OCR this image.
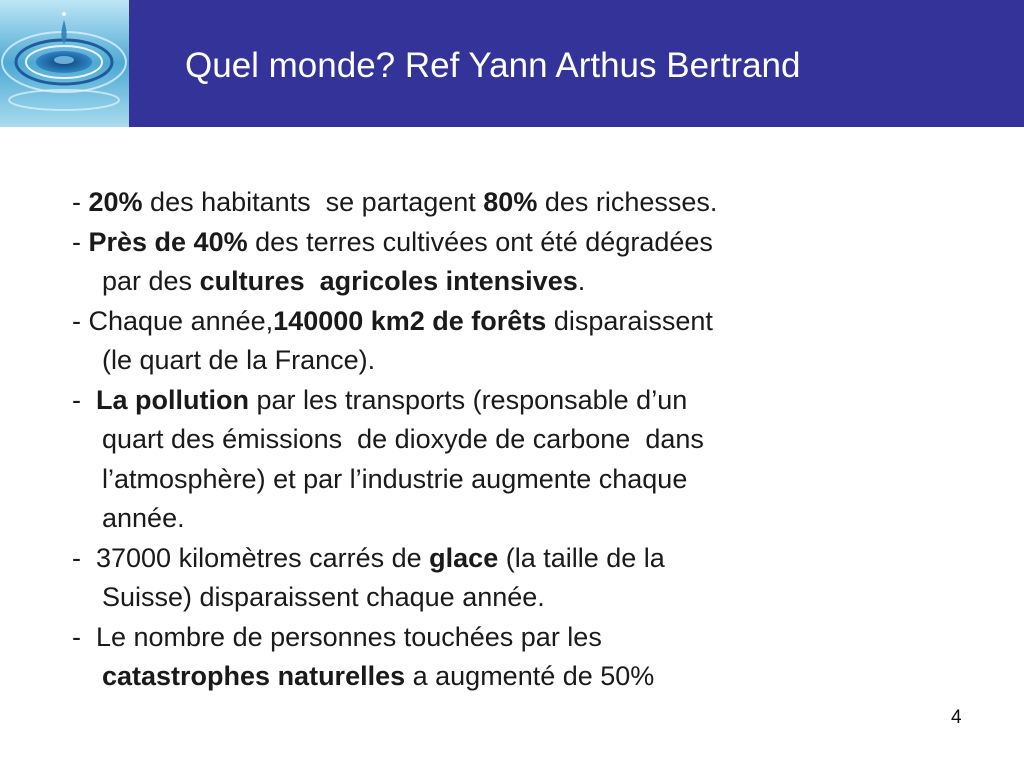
Quel monde? Ref Yann Arthus Bertrand
- 20% des habitants  se partagent 80% des richesses.
- Près de 40% des terres cultivées ont été dégradées
par des cultures  agricoles intensives.
- Chaque année,140000 km2 de forêts disparaissent
(le quart de la France).
-  La pollution par les transports (responsable d’un
quart des émissions  de dioxyde de carbone  dans
l’atmosphère) et par l’industrie augmente chaque
année.
-  37000 kilomètres carrés de glace (la taille de la
Suisse) disparaissent chaque année.
-  Le nombre de personnes touchées par les
catastrophes naturelles a augmenté de 50%
4
